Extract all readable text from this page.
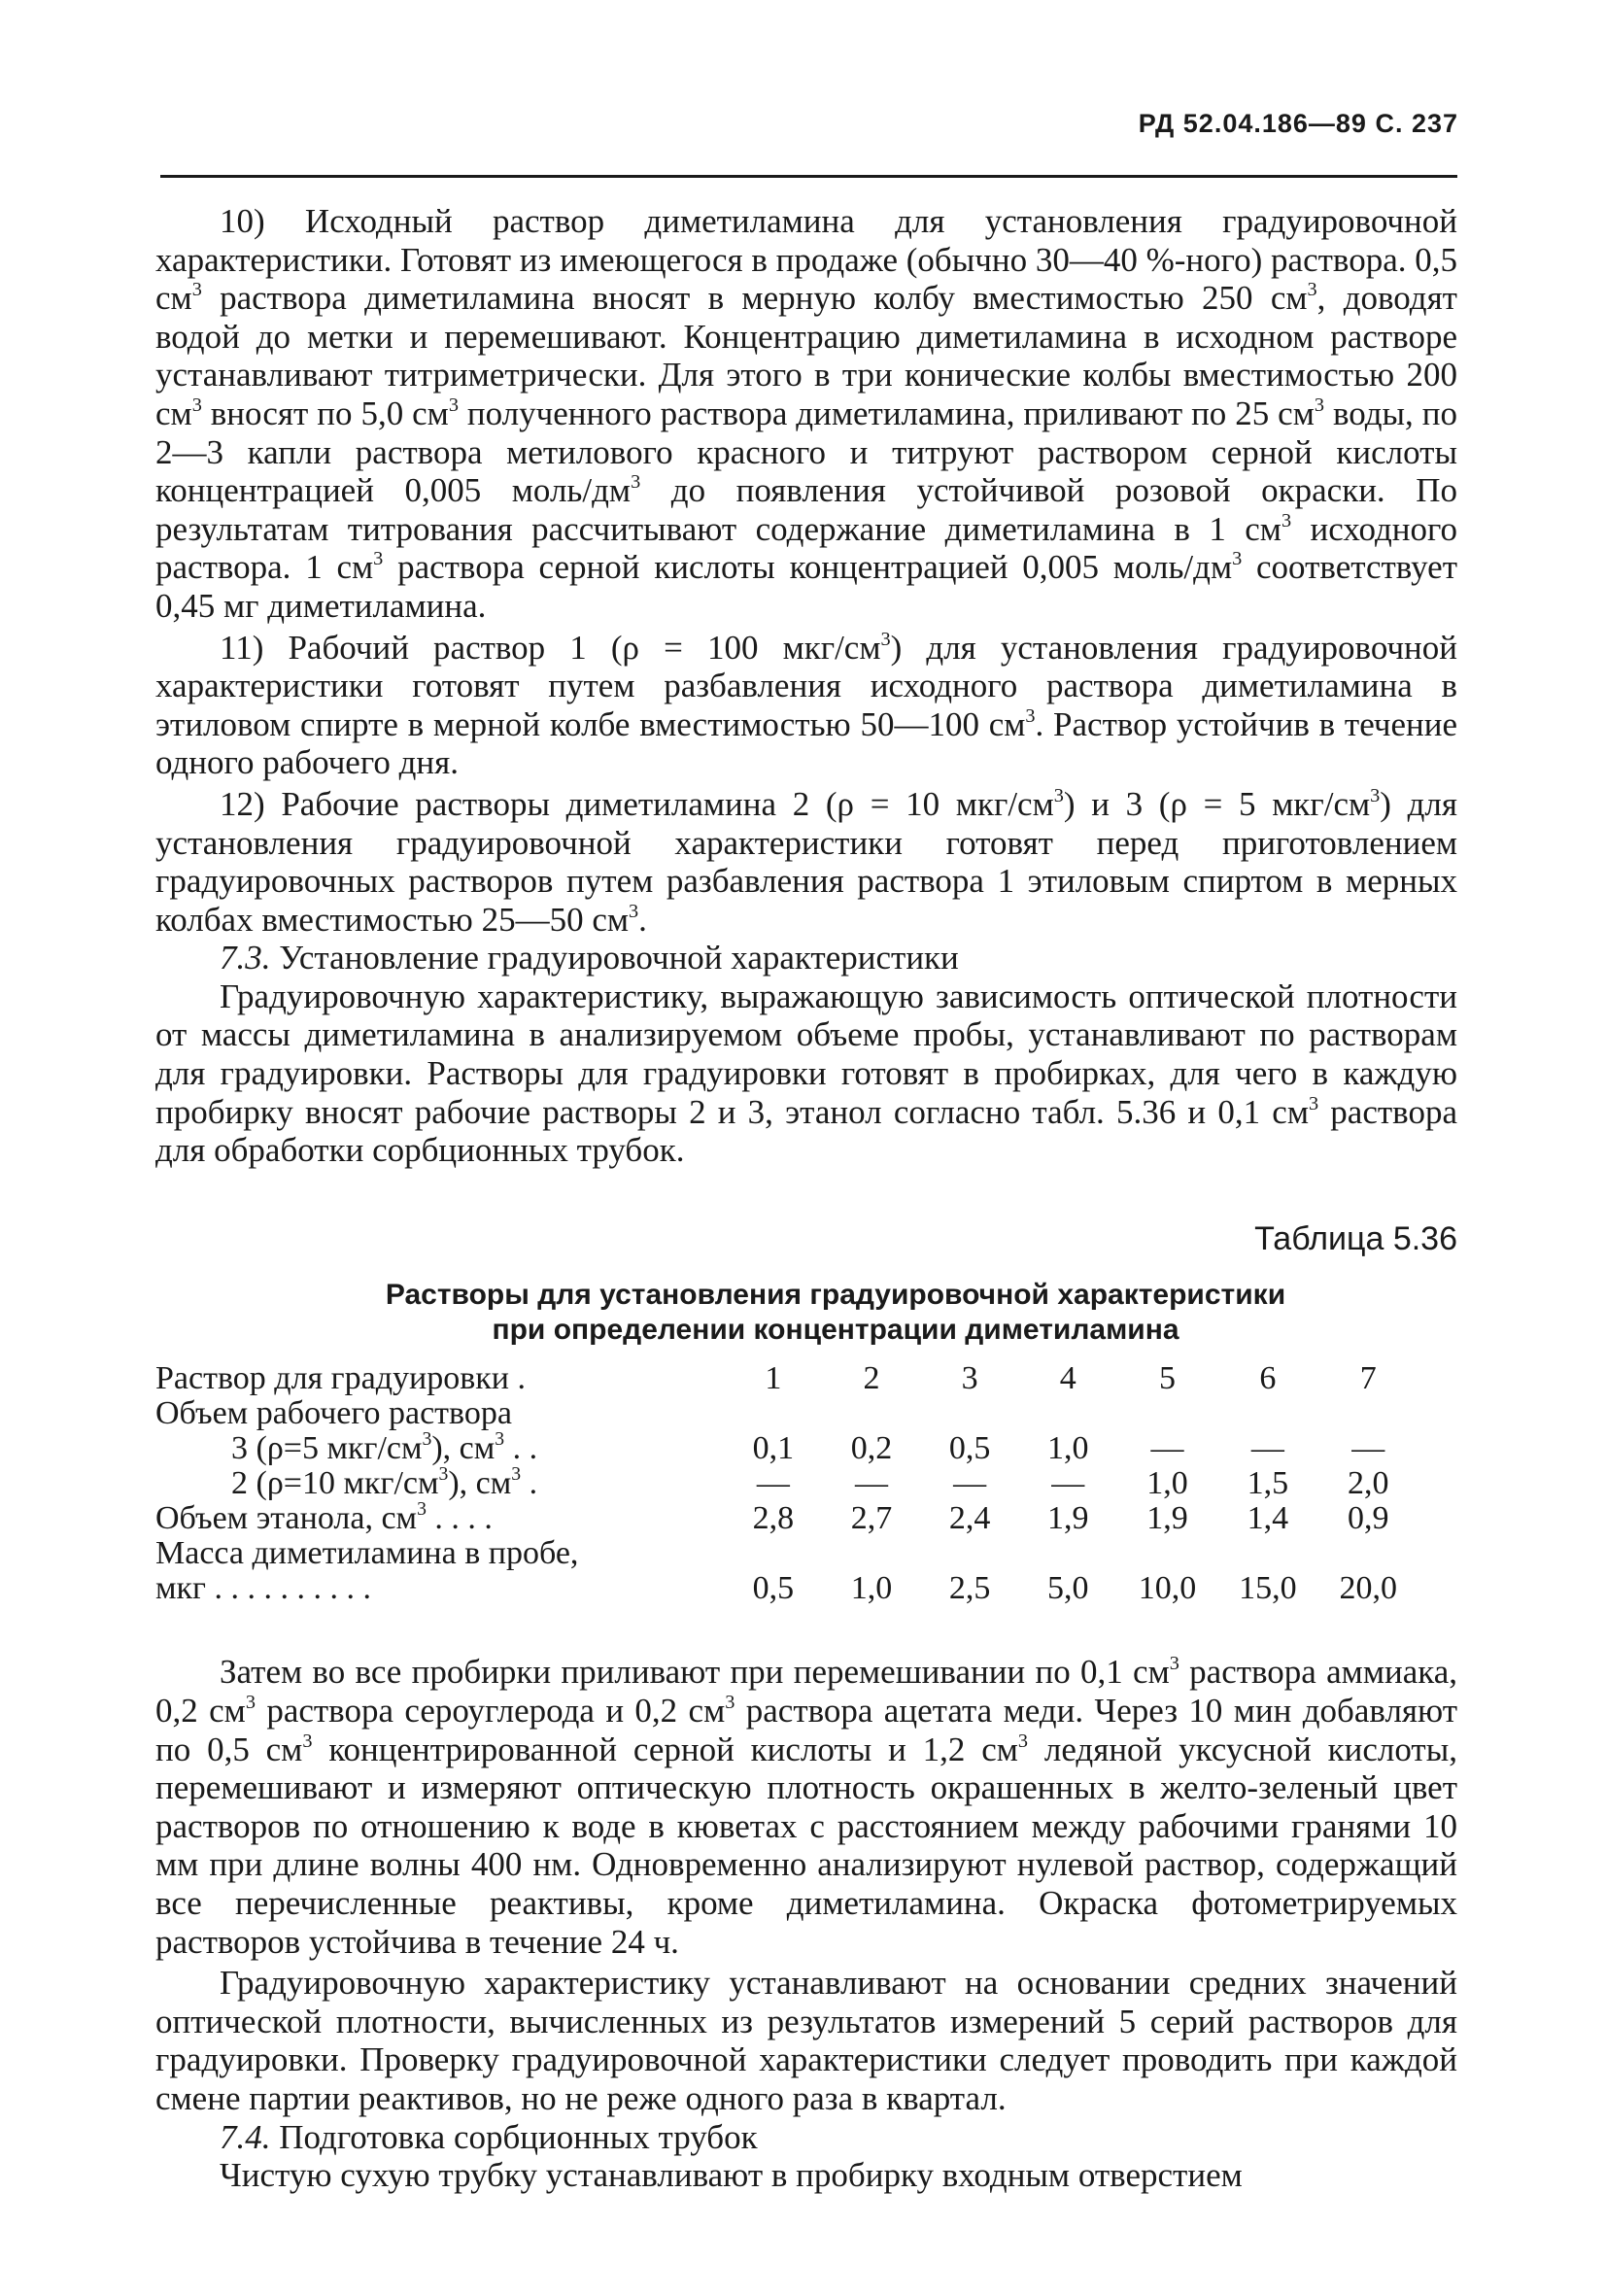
РД 52.04.186—89 С. 237

10) Исходный раствор диметиламина для установления градуировочной характеристики. Готовят из имеющегося в продаже (обычно 30—40 %-ного) раствора. 0,5 $см^3$ раствора диметиламина вносят в мерную колбу вместимостью 250 $см^3$, доводят водой до метки и перемешивают. Концентрацию диметиламина в исходном растворе устанавливают титриметрически. Для этого в три конические колбы вместимостью 200 $см^3$ вносят по 5,0 $см^3$ полученного раствора диметиламина, приливают по 25 $см^3$ воды, по 2—3 капли раствора метилового красного и титруют раствором серной кислоты концентрацией 0,005 моль/$дм^3$ до появления устойчивой розовой окраски. По результатам титрования рассчитывают содержание диметиламина в 1 $см^3$ исходного раствора. 1 $см^3$ раствора серной кислоты концентрацией 0,005 моль/$дм^3$ соответствует 0,45 мг диметиламина.

11) Рабочий раствор 1 (ρ = 100 мкг/$см^3$) для установления градуировочной характеристики готовят путем разбавления исходного раствора диметиламина в этиловом спирте в мерной колбе вместимостью 50—100 $см^3$. Раствор устойчив в течение одного рабочего дня.

12) Рабочие растворы диметиламина 2 (ρ = 10 мкг/$см^3$) и 3 (ρ = 5 мкг/$см^3$) для установления градуировочной характеристики готовят перед приготовлением градуировочных растворов путем разбавления раствора 1 этиловым спиртом в мерных колбах вместимостью 25—50 $см^3$.

7.3. Установление градуировочной характеристики

Градуировочную характеристику, выражающую зависимость оптической плотности от массы диметиламина в анализируемом объеме пробы, устанавливают по растворам для градуировки. Растворы для градуировки готовят в пробирках, для чего в каждую пробирку вносят рабочие растворы 2 и 3, этанол согласно табл. 5.36 и 0,1 $см^3$ раствора для обработки сорбционных трубок.

Таблица 5.36
Растворы для установления градуировочной характеристики
при определении концентрации диметиламина
Раствор для градуировки .	1	2	3	4	5	6	7
Объем рабочего раствора							
3 (ρ=5 мкг/$см^3$), $см^3$ . .	0,1	0,2	0,5	1,0	—	—	—
2 (ρ=10 мкг/$см^3$), $см^3$ .	—	—	—	—	1,0	1,5	2,0
Объем этанола, $см^3$ . . . .	2,8	2,7	2,4	1,9	1,9	1,4	0,9
Масса диметиламина в пробе,							
мкг . . . . . . . . . .	0,5	1,0	2,5	5,0	10,0	15,0	20,0

Затем во все пробирки приливают при перемешивании по 0,1 $см^3$ раствора аммиака, 0,2 $см^3$ раствора сероуглерода и 0,2 $см^3$ раствора ацетата меди. Через 10 мин добавляют по 0,5 $см^3$ концентрированной серной кислоты и 1,2 $см^3$ ледяной уксусной кислоты, перемешивают и измеряют оптическую плотность окрашенных в желто-зеленый цвет растворов по отношению к воде в кюветах с расстоянием между рабочими гранями 10 мм при длине волны 400 нм. Одновременно анализируют нулевой раствор, содержащий все перечисленные реактивы, кроме диметиламина. Окраска фотометрируемых растворов устойчива в течение 24 ч.

Градуировочную характеристику устанавливают на основании средних значений оптической плотности, вычисленных из результатов измерений 5 серий растворов для градуировки. Проверку градуировочной характеристики следует проводить при каждой смене партии реактивов, но не реже одного раза в квартал.

7.4. Подготовка сорбционных трубок

Чистую сухую трубку устанавливают в пробирку входным отверстием
